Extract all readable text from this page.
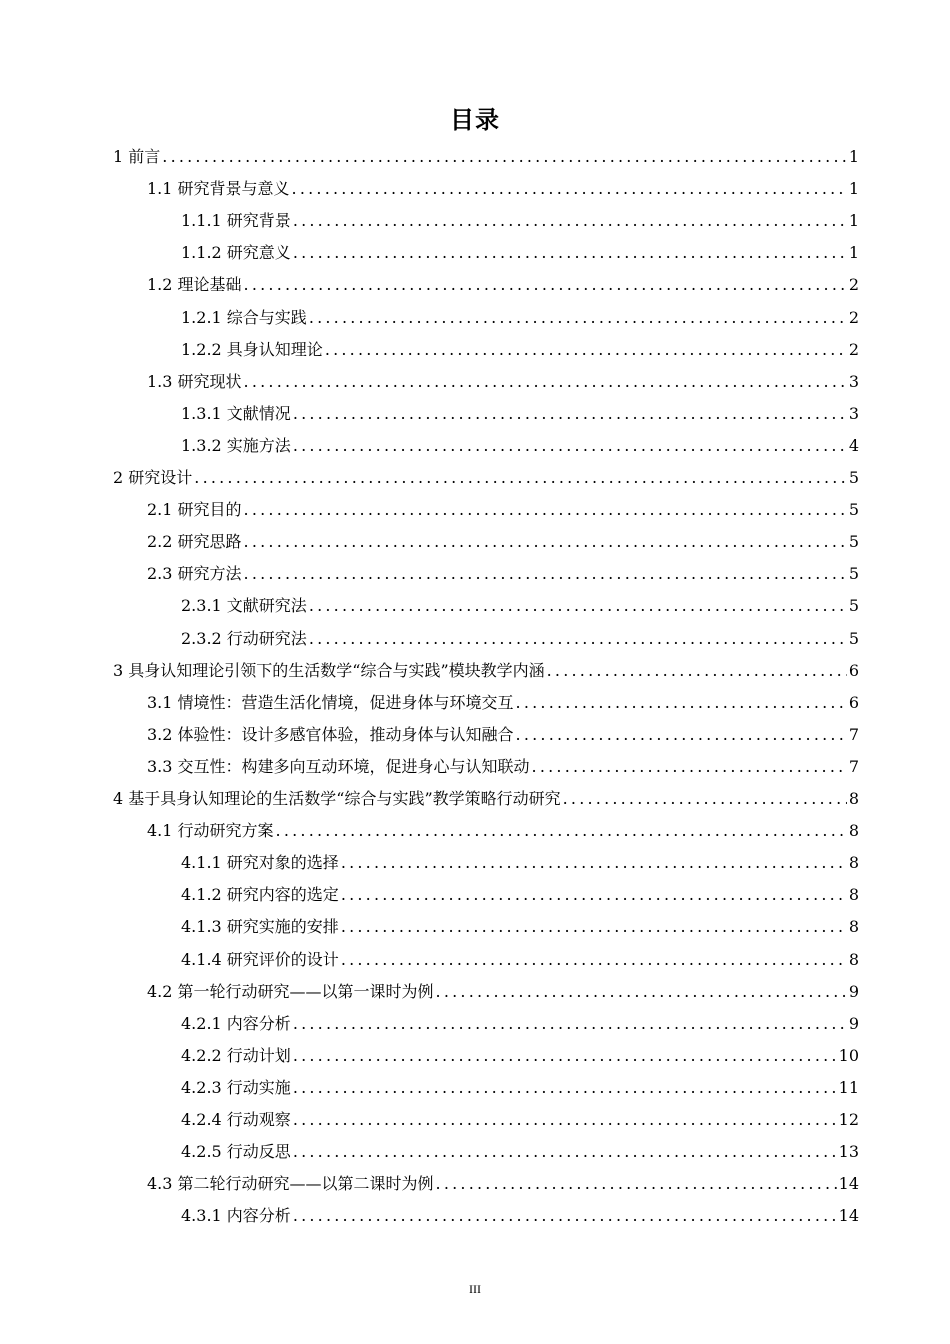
目录
1 前言 .....	1
1.1 研究背景与意义 .....	1
1.1.1 研究背景 .....	1
1.1.2 研究意义 .....	1
1.2 理论基础 .....	2
1.2.1 综合与实践 .....	2
1.2.2 具身认知理论 .....	2
1.3 研究现状 .....	3
1.3.1 文献情况 .....	3
1.3.2 实施方法 .....	4
2 研究设计 .....	5
2.1 研究目的 .....	5
2.2 研究思路 .....	5
2.3 研究方法 .....	5
2.3.1 文献研究法 .....	5
2.3.2 行动研究法 .....	5
3 具身认知理论引领下的生活数学“综合与实践”模块教学内涵 .....	6
3.1 情境性：营造生活化情境，促进身体与环境交互 .....	6
3.2 体验性：设计多感官体验，推动身体与认知融合 .....	7
3.3 交互性：构建多向互动环境，促进身心与认知联动 .....	7
4 基于具身认知理论的生活数学“综合与实践”教学策略行动研究 .....	8
4.1 行动研究方案 .....	8
4.1.1 研究对象的选择 .....	8
4.1.2 研究内容的选定 .....	8
4.1.3 研究实施的安排 .....	8
4.1.4 研究评价的设计 .....	8
4.2 第一轮行动研究——以第一课时为例 .....	9
4.2.1 内容分析 .....	9
4.2.2 行动计划 .....	10
4.2.3 行动实施 .....	11
4.2.4 行动观察 .....	12
4.2.5 行动反思 .....	13
4.3 第二轮行动研究——以第二课时为例 .....	14
4.3.1 内容分析 .....	14
III
